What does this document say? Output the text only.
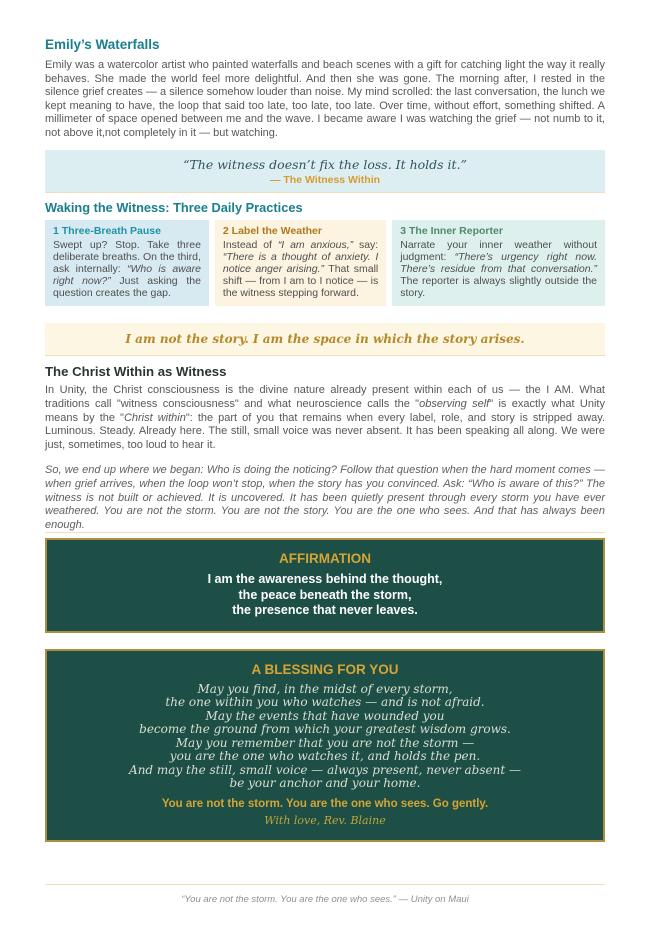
Emily’s Waterfalls

Emily was a watercolor artist who painted waterfalls and beach scenes with a gift for catching light the way it really behaves. She made the world feel more delightful. And then she was gone. The morning after, I rested in the silence grief creates — a silence somehow louder than noise. My mind scrolled: the last conversation, the lunch we kept meaning to have, the loop that said too late, too late, too late. Over time, without effort, something shifted. A millimeter of space opened between me and the wave. I became aware I was watching the grief — not numb to it, not above it,not completely in it — but watching.

“The witness doesn’t fix the loss. It holds it.”
— The Witness Within
Waking the Witness: Three Daily Practices
1 Three-Breath Pause
Swept up? Stop. Take three deliberate breaths. On the third, ask internally: “Who is aware right now?” Just asking the question creates the gap.
2 Label the Weather
Instead of “I am anxious,” say: “There is a thought of anxiety. I notice anger arising.” That small shift — from I am to I notice — is the witness stepping forward.
3 The Inner Reporter
Narrate your inner weather without judgment: “There’s urgency right now. There’s residue from that conversation.” The reporter is always slightly outside the story.
I am not the story. I am the space in which the story arises.
The Christ Within as Witness

In Unity, the Christ consciousness is the divine nature already present within each of us — the I AM. What traditions call "witness consciousness" and what neuroscience calls the "observing self" is exactly what Unity means by the "Christ within": the part of you that remains when every label, role, and story is stripped away. Luminous. Steady. Already here. The still, small voice was never absent. It has been speaking all along. We were just, sometimes, too loud to hear it.

So, we end up where we began: Who is doing the noticing? Follow that question when the hard moment comes — when grief arrives, when the loop won’t stop, when the story has you convinced. Ask: “Who is aware of this?” The witness is not built or achieved. It is uncovered. It has been quietly present through every storm you have ever weathered. You are not the storm. You are not the story. You are the one who sees. And that has always been enough.

AFFIRMATION
I am the awareness behind the thought,
the peace beneath the storm,
the presence that never leaves.
A BLESSING FOR YOU
May you find, in the midst of every storm,
the one within you who watches — and is not afraid.
May the events that have wounded you
become the ground from which your greatest wisdom grows.
May you remember that you are not the storm —
you are the one who watches it, and holds the pen.
And may the still, small voice — always present, never absent —
be your anchor and your home.
You are not the storm. You are the one who sees. Go gently.
With love, Rev. Blaine
“You are not the storm. You are the one who sees.” — Unity on Maui
